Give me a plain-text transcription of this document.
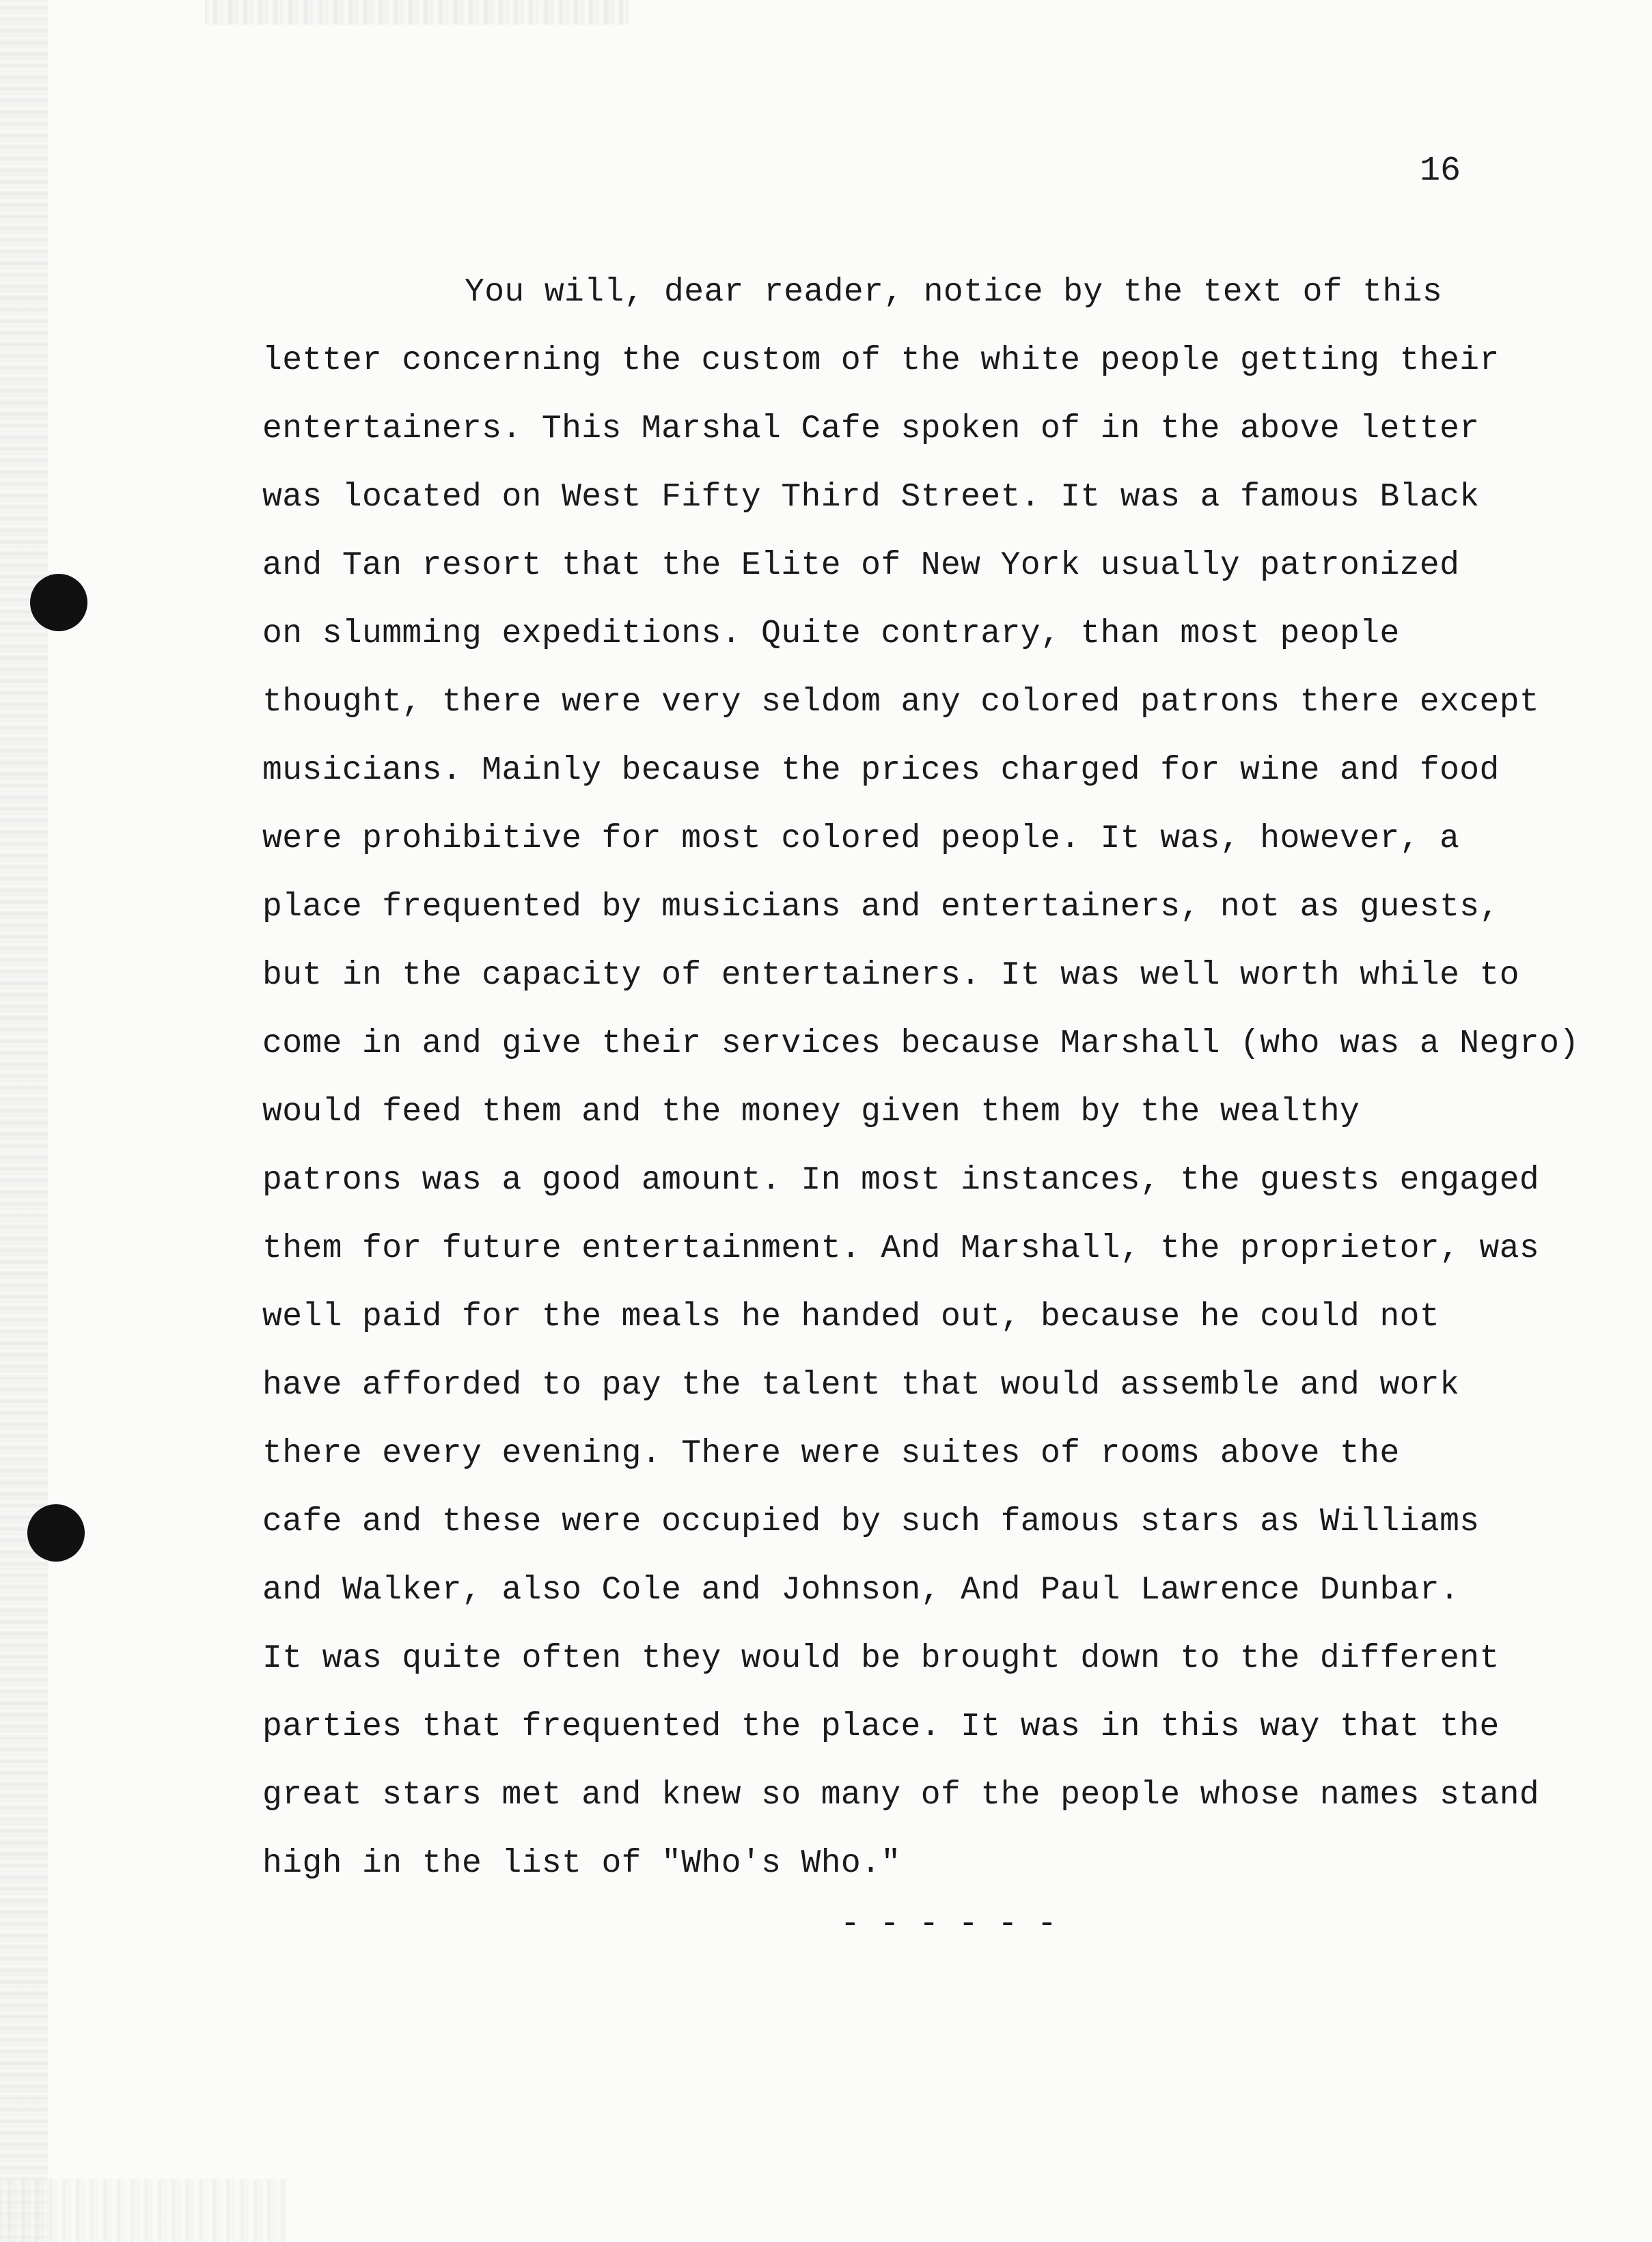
16

You will, dear reader, notice by the text of this
letter concerning the custom of the white people getting their
entertainers. This Marshal Cafe spoken of in the above letter
was located on West Fifty Third Street. It was a famous Black
and Tan resort that the Elite of New York usually patronized
on slumming expeditions. Quite contrary, than most people
thought, there were very seldom any colored patrons there except
musicians. Mainly because the prices charged for wine and food
were prohibitive for most colored people. It was, however, a
place frequented by musicians and entertainers, not as guests,
but in the capacity of entertainers. It was well worth while to
come in and give their services because Marshall (who was a Negro)
would feed them and the money given them by the wealthy
patrons was a good amount. In most instances, the guests engaged
them for future entertainment. And Marshall, the proprietor, was
well paid for the meals he handed out, because he could not
have afforded to pay the talent that would assemble and work
there every evening. There were suites of rooms above the
cafe and these were occupied by such famous stars as Williams
and Walker, also Cole and Johnson, And Paul Lawrence Dunbar.
It was quite often they would be brought down to the different
parties that frequented the place. It was in this way that the
great stars met and knew so many of the people whose names stand
high in the list of "Who's Who."

- - - - - -
